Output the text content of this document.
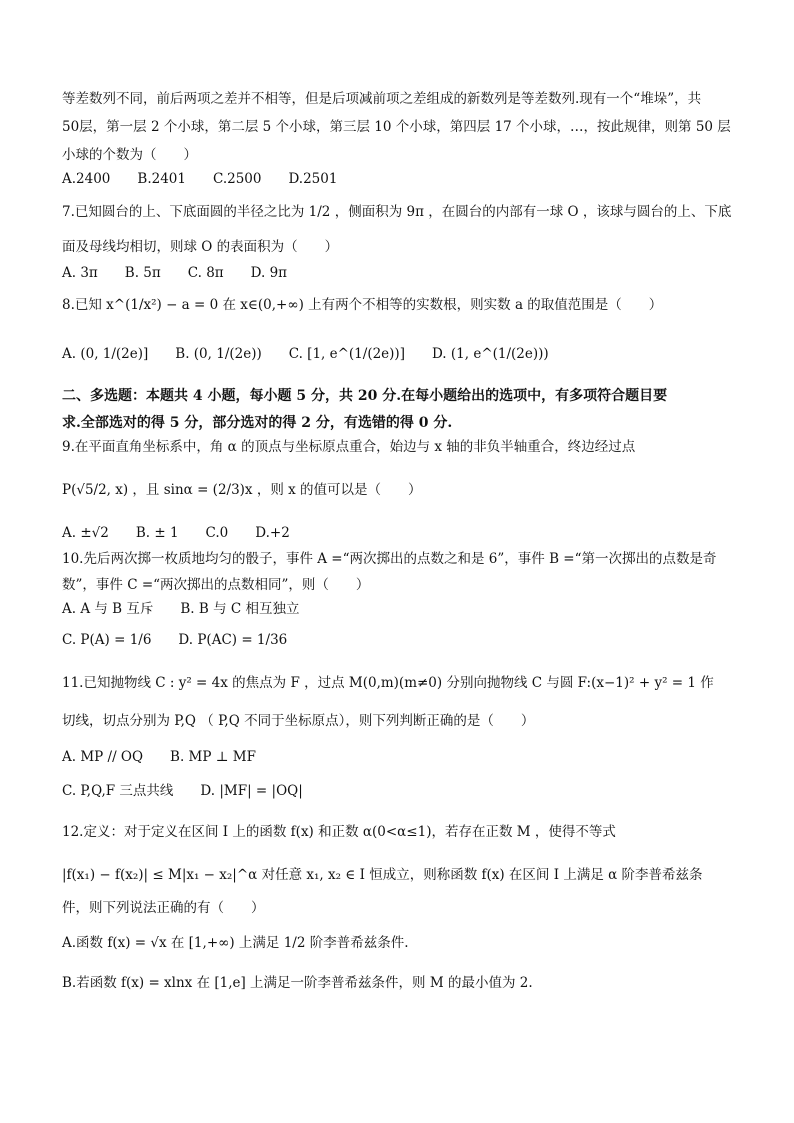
等差数列不同，前后两项之差并不相等，但是后项减前项之差组成的新数列是等差数列.现有一个“堆垛”，共
50层，第一层 2 个小球，第二层 5 个小球，第三层 10 个小球，第四层 17 个小球，…，按此规律，则第 50 层
小球的个数为（　　）
A.2400　　B.2401　　C.2500　　D.2501
7.已知圆台的上、下底面圆的半径之比为 1/2 ，侧面积为 9π ，在圆台的内部有一球 O ，该球与圆台的上、下底
面及母线均相切，则球 O 的表面积为（　　）
A. 3π　　B. 5π　　C. 8π　　D. 9π
8.已知 x^(1/x²) − a = 0 在 x∈(0,+∞) 上有两个不相等的实数根，则实数 a 的取值范围是（　　）
A. (0, 1/(2e)]　　B. (0, 1/(2e))　　C. [1, e^(1/(2e))]　　D. (1, e^(1/(2e)))
二、多选题：本题共 4 小题，每小题 5 分，共 20 分.在每小题给出的选项中，有多项符合题目要
求.全部选对的得 5 分，部分选对的得 2 分，有选错的得 0 分.
9.在平面直角坐标系中，角 α 的顶点与坐标原点重合，始边与 x 轴的非负半轴重合，终边经过点
P(√5/2, x) ，且 sinα = (2/3)x ，则 x 的值可以是（　　）
A. ±√2　　B. ± 1　　C.0　　D.+2
10.先后两次掷一枚质地均匀的骰子，事件 A =“两次掷出的点数之和是 6”，事件 B =“第一次掷出的点数是奇
数”，事件 C =“两次掷出的点数相同”，则（　　）
A. A 与 B 互斥　　B. B 与 C 相互独立
C. P(A) = 1/6　　D. P(AC) = 1/36
11.已知抛物线 C : y² = 4x 的焦点为 F ，过点 M(0,m)(m≠0) 分别向抛物线 C 与圆 F:(x−1)² + y² = 1 作
切线，切点分别为 P,Q （ P,Q 不同于坐标原点），则下列判断正确的是（　　）
A. MP // OQ　　B. MP ⊥ MF
C. P,Q,F 三点共线　　D. |MF| = |OQ|
12.定义：对于定义在区间 I 上的函数 f(x) 和正数 α(0<α≤1)，若存在正数 M ，使得不等式
|f(x₁) − f(x₂)| ≤ M|x₁ − x₂|^α 对任意 x₁, x₂ ∈ I 恒成立，则称函数 f(x) 在区间 I 上满足 α 阶李普希兹条
件，则下列说法正确的有（　　）
A.函数 f(x) = √x 在 [1,+∞) 上满足 1/2 阶李普希兹条件.
B.若函数 f(x) = xlnx 在 [1,e] 上满足一阶李普希兹条件，则 M 的最小值为 2.
